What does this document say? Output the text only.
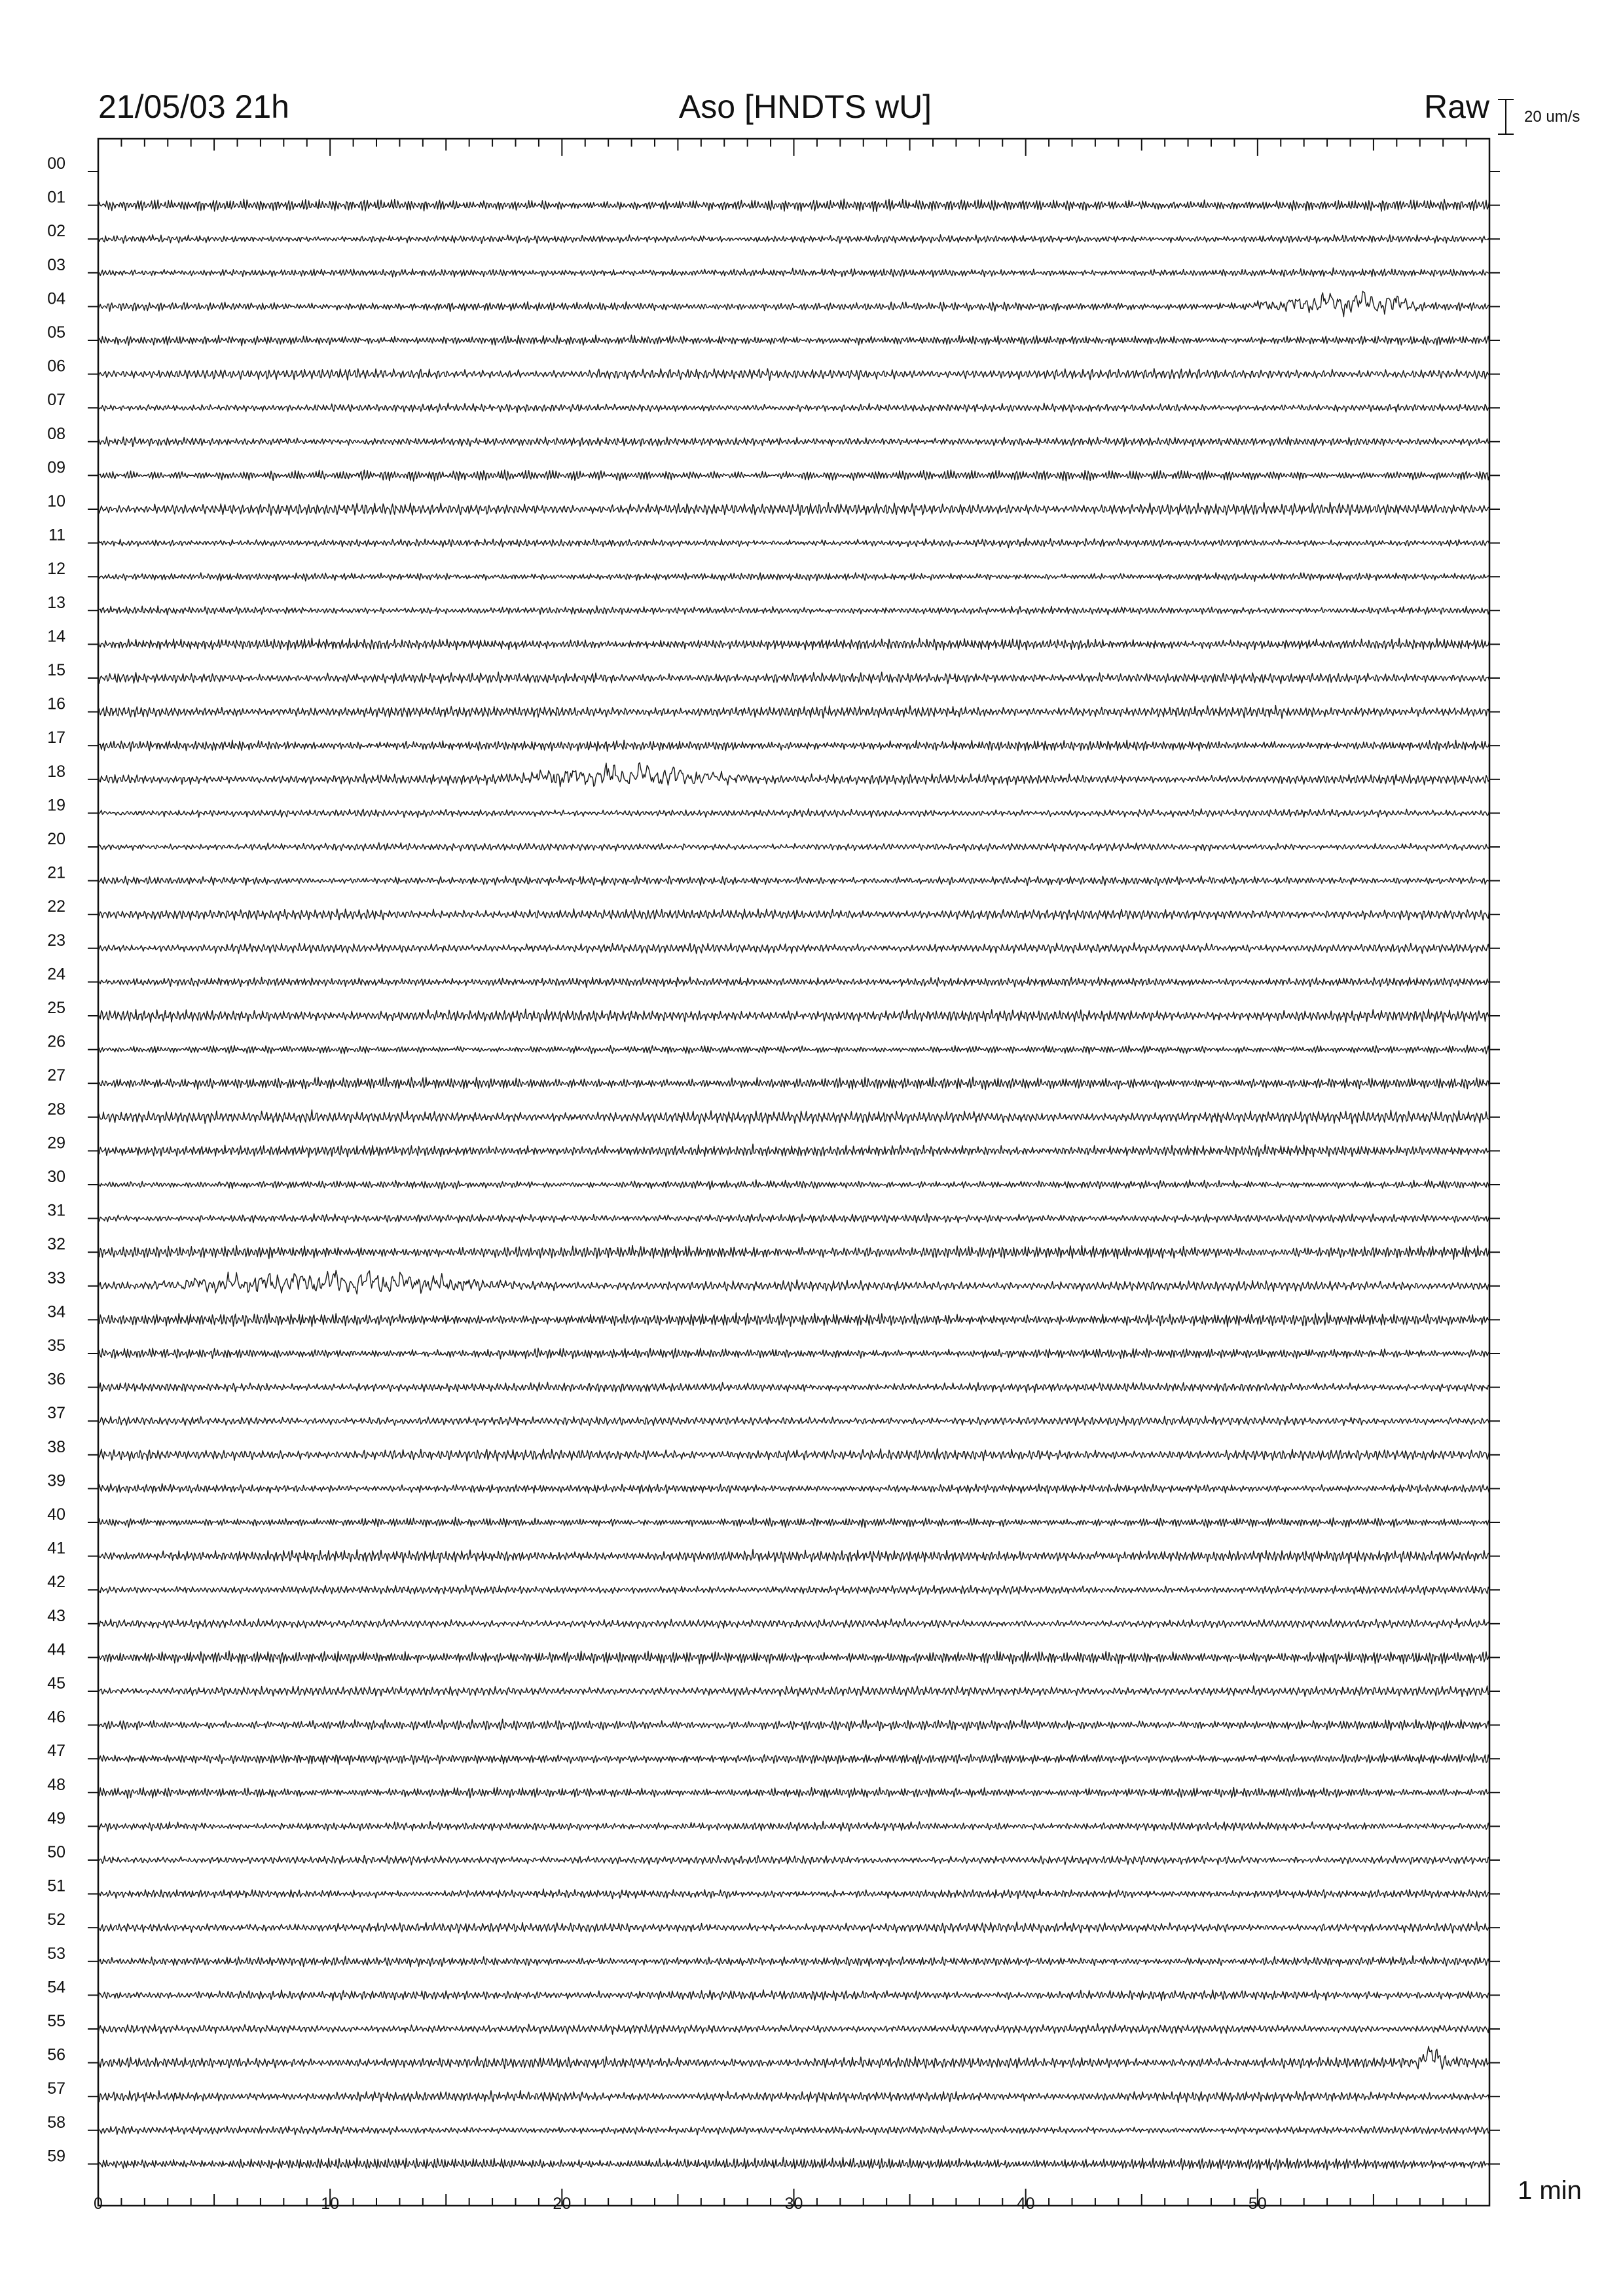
21/05/03 21h	Aso [HNDTS wU]	Raw 20 um/s
1 min
00
01
02
03
04
05
06
07
08
09
10
11
12
13
14
15
16
17
18
19
20
21
22
23
24
25
26
27
28
29
30
31
32
33
34
35
36
37
38
39
40
41
42
43
44
45
46
47
48
49
50
51
52
53
54
55
56
57
58
59
0	10	20	30	40	50
